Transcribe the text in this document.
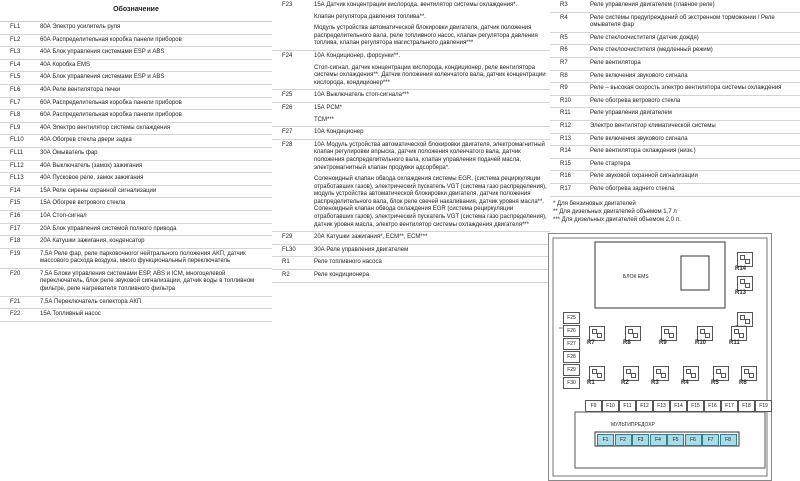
Обозначение
FL1	80А Электро усилитель руля
FL2	60А Распределительная коробка панели приборов
FL3	40А Блок управления системами ESP и ABS
FL4	40А Коробка EMS
FL5	40А Блок управления системами ESP и ABS
FL6	40А Реле вентилятора печки
FL7	60А Распределительная коробка панели приборов
FL8	60А Распределительная коробка панели приборов
FL9	40А Электро вентилятор системы охлаждения
FL10	40А Обогрев стекла двери задка
FL11	30А Омыватель фар
FL12	40А Выключатель (замок) зажигания
FL13	40А Пусковое реле, замок зажигания
F14	15А Реле сирены охранной сигнализации
F15	15А Обогрев ветрового стекла
F16	10А Стоп-сигнал
F17	20А Блок управления системой полного привода
F18	20А Катушки зажигания, конденсатор
F19	7,5А Реле фар, реле парковочного/ нейтрального положения АКП, датчик массового расхода воздуха, много функциональный переключатель
F20	7,5А Блоки управления системами ESP, ABS и ICM, многоцелевой переключатель, блок реле звуковой сигнализации, датчик воды в топливном фильтре, реле нагревателя топливного фильтра
F21	7,5А Переключатель селектора АКП
F22	15А Топливный насос
F23	15А Датчик концентрации кислорода, вентилятор системы охлаждения*.

Клапан регулятора давления топлива**.

Модуль устройства автоматической блокировки двигателя, датчик положения распределительного вала, реле топливного насос, клапан регулятора давления топлива, клапан регулятора магистрального давления***

F24	10А Кондиционер, форсунки**.

Стоп-сигнал, датчик концентрации кислорода, кондиционер, реле вентилятора системы охлаждения**. Датчик положения коленчатого вала, датчик концентрации кислорода, кондиционер***

F25	10А Выключатель стоп-сигнала***

F26	15А PCM*

TCM***

F27	10А Кондиционер

F28	10А Модуль устройства автоматической блокировки двигателя, электромагнитный клапан регулировки впрыска, датчик положения коленчатого вала, датчик положения распределительного вала, клапан управления подачей масла, электромагнитный клапан продувки адсорбера*.

Соленоидный клапан обвода охлаждения системы EGR, (система рециркуляции отработавших газов), электрический пускатель VGT (система газо распределения), модуль устройства автоматической блокировки двигателя, датчик положения распределительного вала, блок реле свечей накаливания, датчик уровня масла**. Соленоидный клапан обвода охлаждения EGR (система рециркуляции отработавших газов), электрический пускатель VGT (система газо распределения), датчик уровня масла, электро вентилятор системы охлаждения двигателя***

F29	20А Катушки зажигания*, ECM**, ECM***

FL30	30А Реле управления двигателем

R1	Реле топливного насоса

R2	Реле кондиционера

R3	Реле управления двигателем (главное реле)
R4	Реле системы предупреждений об экстренном торможении / Реле омывателя фар
R5	Реле стеклоочистителя (датчик дождя)
R6	Реле стеклоочистителя (медленный режим)
R7	Реле вентилятора
R8	Реле включения звукового сигнала
R9	Реле – высокая скорость электро вентилятора системы охлаждения
R10	Реле обогрева ветрового стекла
R11	Реле управления двигателем
R12	Электро вентилятор климатической системы
R13	Реле включения звукового сигнала
R14	Реле вентилятора охлаждения (низк.)
R15	Реле стартера
R16	Реле звуковой охранной сигнализации
R17	Реле обогрева заднего стекла
* Для бензиновых двигателей
** Для дизельных двигателей объемом 1,7 л
*** Для дизельных двигателей объемом 2,0 л.
БЛОК EMS
МУЛЬТИПРЕДОХР
R14
R13
R7	R8	R9	R10	R11
R1	R2	R3	R4	R5	R6
F25
F26
F27
F28
F29
F30
F9	F10	F11	F12	F13	F14	F15	F16	F17	F18	F19
F1	F2	F3	F4	F5	F6	F7	F8
